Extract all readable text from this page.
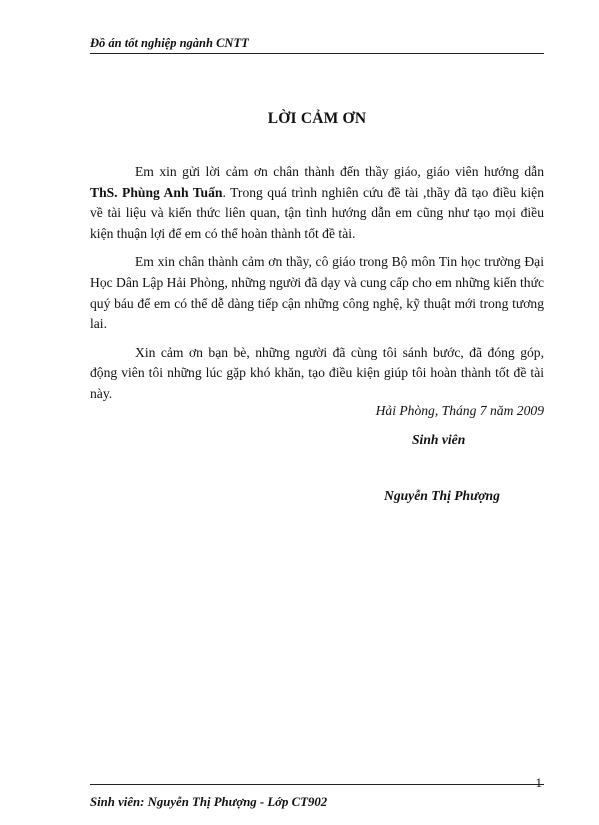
Đồ án tốt nghiệp ngành CNTT
LỜI CẢM ƠN

Em xin gửi lời cảm ơn chân thành đến thầy giáo, giáo viên hướng dẫn ThS. Phùng Anh Tuấn. Trong quá trình nghiên cứu đề tài ,thầy đã tạo điều kiện về tài liệu và kiến thức liên quan, tận tình hướng dẫn em cũng như tạo mọi điều kiện thuận lợi để em có thể hoàn thành tốt đề tài.

Em xin chân thành cảm ơn thầy, cô giáo trong Bộ môn Tin học trường Đại Học Dân Lập Hải Phòng, những người đã dạy và cung cấp cho em những kiến thức quý báu để em có thể dễ dàng tiếp cận những công nghệ, kỹ thuật mới trong tương lai.

Xin cảm ơn bạn bè, những người đã cùng tôi sánh bước, đã đóng góp, động viên tôi những lúc gặp khó khăn, tạo điều kiện giúp tôi hoàn thành tốt đề tài này.

Hải Phòng, Tháng 7 năm 2009
Sinh viên
Nguyễn Thị Phượng
Sinh viên: Nguyễn Thị Phượng - Lớp CT902
1
